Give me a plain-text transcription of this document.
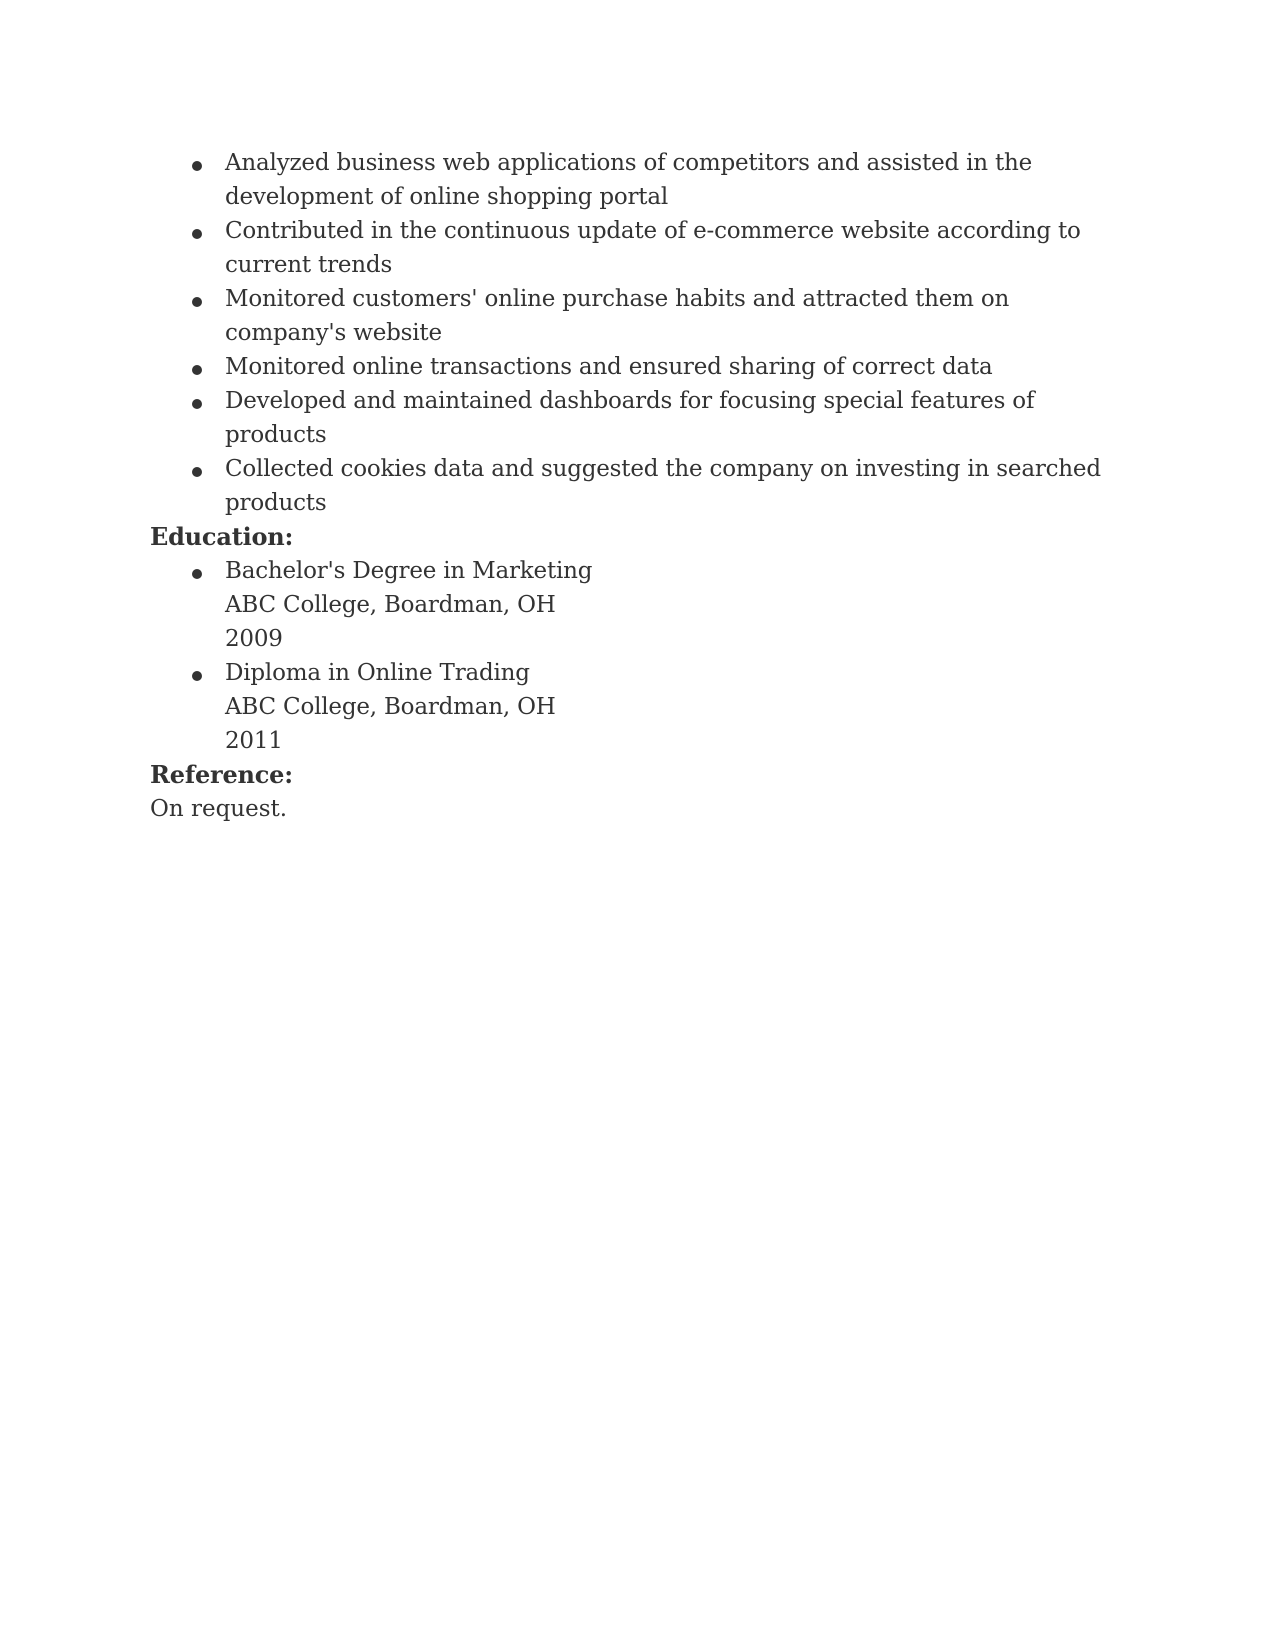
Analyzed business web applications of competitors and assisted in the development of online shopping portal
Contributed in the continuous update of e-commerce website according to current trends
Monitored customers' online purchase habits and attracted them on company's website
Monitored online transactions and ensured sharing of correct data
Developed and maintained dashboards for focusing special features of products
Collected cookies data and suggested the company on investing in searched products
Education:
Bachelor's Degree in Marketing
ABC College, Boardman, OH
2009
Diploma in Online Trading
ABC College, Boardman, OH
2011
Reference:

On request.
